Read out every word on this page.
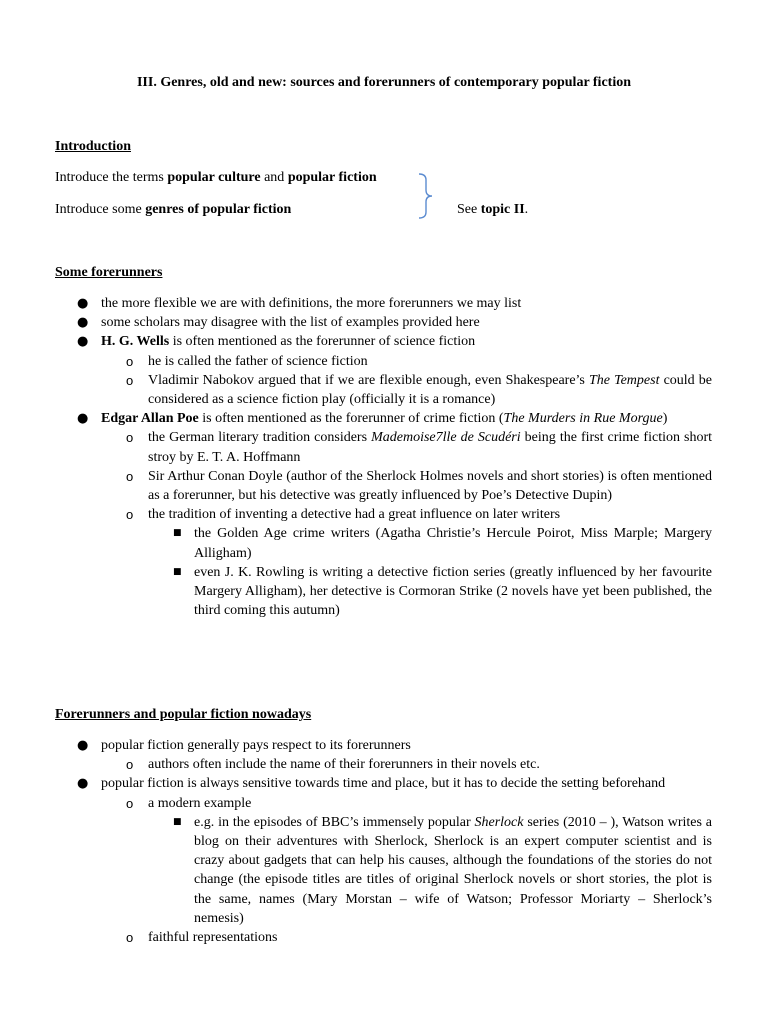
III. Genres, old and new: sources and forerunners of contemporary popular fiction
Introduction
Introduce the terms popular culture and popular fiction
Introduce some genres of popular fiction	See topic II.
Some forerunners
● the more flexible we are with definitions, the more forerunners we may list
● some scholars may disagree with the list of examples provided here
● H. G. Wells is often mentioned as the forerunner of science fiction
o he is called the father of science fiction
o Vladimir Nabokov argued that if we are flexible enough, even Shakespeare’s The Tempest could be considered as a science fiction play (officially it is a romance)
● Edgar Allan Poe is often mentioned as the forerunner of crime fiction (The Murders in Rue Morgue)
o the German literary tradition considers Mademoise7lle de Scudéri being the first crime fiction short stroy by E. T. A. Hoffmann
o Sir Arthur Conan Doyle (author of the Sherlock Holmes novels and short stories) is often mentioned as a forerunner, but his detective was greatly influenced by Poe’s Detective Dupin)
o the tradition of inventing a detective had a great influence on later writers
■ the Golden Age crime writers (Agatha Christie’s Hercule Poirot, Miss Marple; Margery Alligham)
■ even J. K. Rowling is writing a detective fiction series (greatly influenced by her favourite Margery Alligham), her detective is Cormoran Strike (2 novels have yet been published, the third coming this autumn)
Forerunners and popular fiction nowadays
● popular fiction generally pays respect to its forerunners
o authors often include the name of their forerunners in their novels etc.
● popular fiction is always sensitive towards time and place, but it has to decide the setting beforehand
o a modern example
■ e.g. in the episodes of BBC’s immensely popular Sherlock series (2010 – ), Watson writes a blog on their adventures with Sherlock, Sherlock is an expert computer scientist and is crazy about gadgets that can help his causes, although the foundations of the stories do not change (the episode titles are titles of original Sherlock novels or short stories, the plot is the same, names (Mary Morstan – wife of Watson; Professor Moriarty – Sherlock’s nemesis)
o faithful representations
